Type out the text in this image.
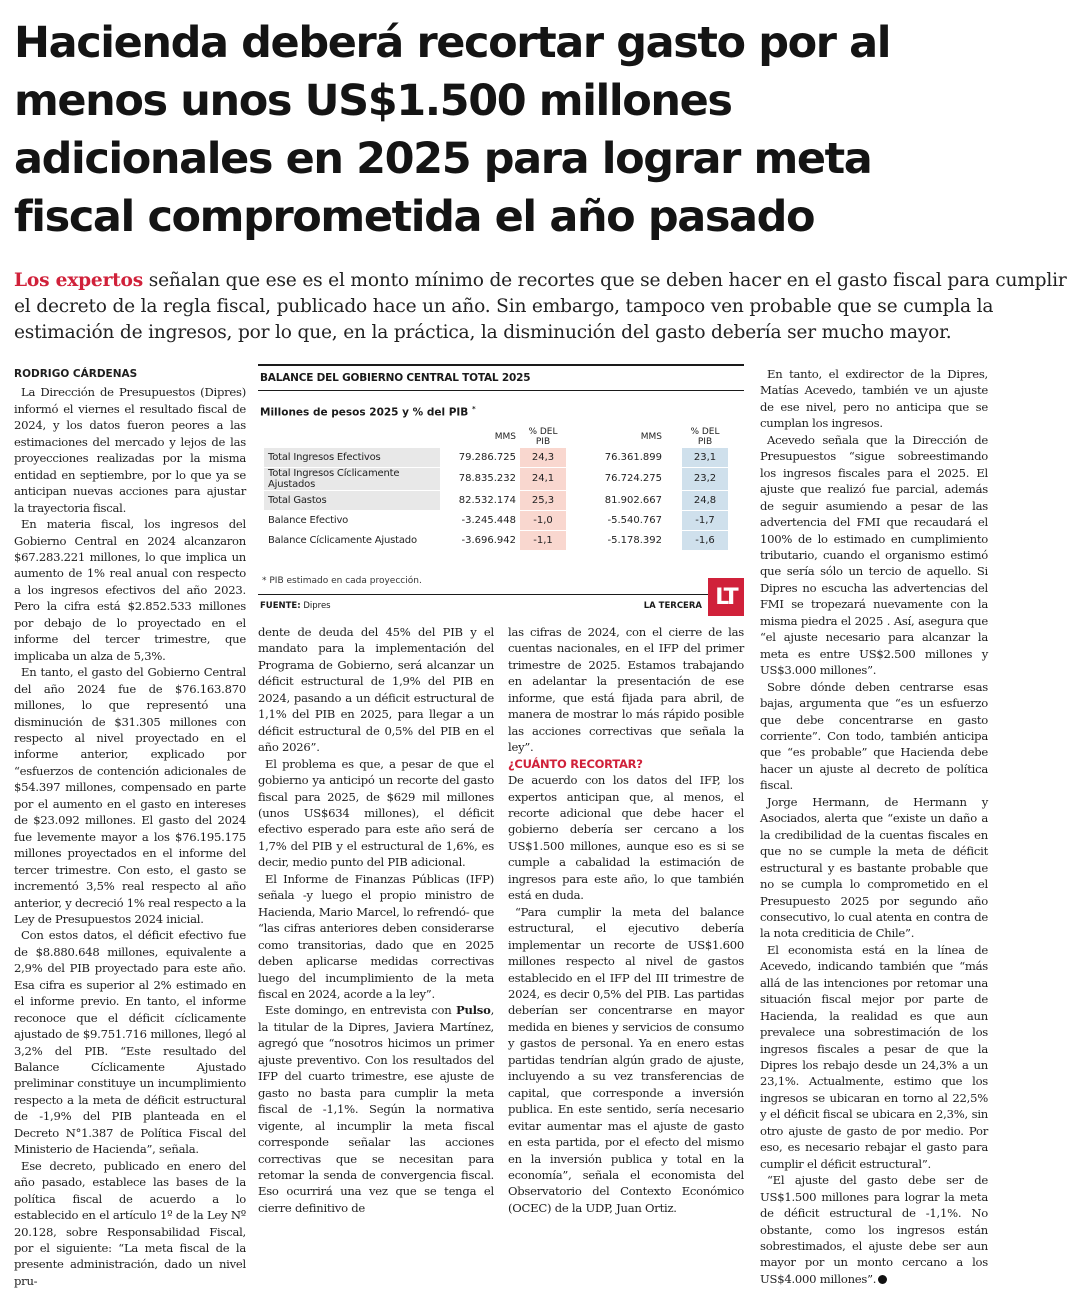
Hacienda deberá recortar gasto por al
menos unos US$1.500 millones
adicionales en 2025 para lograr meta
fiscal comprometida el año pasado
Los expertos señalan que ese es el monto mínimo de recortes que se deben hacer en el gasto fiscal para cumplir
el decreto de la regla fiscal, publicado hace un año. Sin embargo, tampoco ven probable que se cumpla la
estimación de ingresos, por lo que, en la práctica, la disminución del gasto debería ser mucho mayor.

RODRIGO CÁRDENAS

La Dirección de Presupuestos (Dipres) informó el viernes el resultado fiscal de 2024, y los datos fueron peores a las estimaciones del mercado y lejos de las proyecciones realizadas por la misma entidad en septiembre, por lo que ya se anticipan nuevas acciones para ajustar la trayectoria fiscal.

En materia fiscal, los ingresos del Gobierno Central en 2024 alcanzaron $67.283.221 millones, lo que implica un aumento de 1% real anual con respecto a los ingresos efectivos del año 2023. Pero la cifra está $2.852.533 millones por debajo de lo proyectado en el informe del tercer trimestre, que implicaba un alza de 5,3%.

En tanto, el gasto del Gobierno Central del año 2024 fue de $76.163.870 millones, lo que representó una disminución de $31.305 millones con respecto al nivel proyectado en el informe anterior, explicado por “esfuerzos de contención adicionales de $54.397 millones, compensado en parte por el aumento en el gasto en intereses de $23.092 millones. El gasto del 2024 fue levemente mayor a los $76.195.175 millones proyectados en el informe del tercer trimestre. Con esto, el gasto se incrementó 3,5% real respecto al año anterior, y decreció 1% real respecto a la Ley de Presupuestos 2024 inicial.

Con estos datos, el déficit efectivo fue de $8.880.648 millones, equivalente a 2,9% del PIB proyectado para este año. Esa cifra es superior al 2% estimado en el informe previo. En tanto, el informe reconoce que el déficit cíclicamente ajustado de $9.751.716 millones, llegó al 3,2% del PIB. “Este resultado del Balance Cíclicamente Ajustado preliminar constituye un incumplimiento respecto a la meta de déficit estructural de -1,9% del PIB planteada en el Decreto N°1.387 de Política Fiscal del Ministerio de Hacienda”, señala.

Ese decreto, publicado en enero del año pasado, establece las bases de la política fiscal de acuerdo a lo establecido en el artículo 1º de la Ley Nº 20.128, sobre Responsabilidad Fiscal, por el siguiente: “La meta fiscal de la presente administración, dado un nivel pru-

BALANCE DEL GOBIERNO CENTRAL TOTAL 2025
Millones de pesos 2025 y % del PIB *
	MMS	% DEL PIB	MMS		% DEL PIB
Total Ingresos Efectivos	79.286.725	24,3	76.361.899		23,1
Total Ingresos Cíclicamente Ajustados	78.835.232	24,1	76.724.275		23,2
Total Gastos	82.532.174	25,3	81.902.667		24,8
Balance Efectivo	-3.245.448	-1,0	-5.540.767		-1,7
Balance Cíclicamente Ajustado	-3.696.942	-1,1	-5.178.392		-1,6
* PIB estimado en cada proyección.
FUENTE: Dipres	LA TERCERA LT

dente de deuda del 45% del PIB y el mandato para la implementación del Programa de Gobierno, será alcanzar un déficit estructural de 1,9% del PIB en 2024, pasando a un déficit estructural de 1,1% del PIB en 2025, para llegar a un déficit estructural de 0,5% del PIB en el año 2026”.

El problema es que, a pesar de que el gobierno ya anticipó un recorte del gasto fiscal para 2025, de $629 mil millones (unos US$634 millones), el déficit efectivo esperado para este año será de 1,7% del PIB y el estructural de 1,6%, es decir, medio punto del PIB adicional.

El Informe de Finanzas Públicas (IFP) señala -y luego el propio ministro de Hacienda, Mario Marcel, lo refrendó- que “las cifras anteriores deben considerarse como transitorias, dado que en 2025 deben aplicarse medidas correctivas luego del incumplimiento de la meta fiscal en 2024, acorde a la ley”.

Este domingo, en entrevista con Pulso, la titular de la Dipres, Javiera Martínez, agregó que “nosotros hicimos un primer ajuste preventivo. Con los resultados del IFP del cuarto trimestre, ese ajuste de gasto no basta para cumplir la meta fiscal de -1,1%. Según la normativa vigente, al incumplir la meta fiscal corresponde señalar las acciones correctivas que se necesitan para retomar la senda de convergencia fiscal. Eso ocurrirá una vez que se tenga el cierre definitivo de

las cifras de 2024, con el cierre de las cuentas nacionales, en el IFP del primer trimestre de 2025. Estamos trabajando en adelantar la presentación de ese informe, que está fijada para abril, de manera de mostrar lo más rápido posible las acciones correctivas que señala la ley”.

¿CUÁNTO RECORTAR?

De acuerdo con los datos del IFP, los expertos anticipan que, al menos, el recorte adicional que debe hacer el gobierno debería ser cercano a los US$1.500 millones, aunque eso es si se cumple a cabalidad la estimación de ingresos para este año, lo que también está en duda.

“Para cumplir la meta del balance estructural, el ejecutivo debería implementar un recorte de US$1.600 millones respecto al nivel de gastos establecido en el IFP del III trimestre de 2024, es decir 0,5% del PIB. Las partidas deberían ser concentrarse en mayor medida en bienes y servicios de consumo y gastos de personal. Ya en enero estas partidas tendrían algún grado de ajuste, incluyendo a su vez transferencias de capital, que corresponde a inversión publica. En este sentido, sería necesario evitar aumentar mas el ajuste de gasto en esta partida, por el efecto del mismo en la inversión publica y total en la economía”, señala el economista del Observatorio del Contexto Económico (OCEC) de la UDP, Juan Ortiz.

En tanto, el exdirector de la Dipres, Matías Acevedo, también ve un ajuste de ese nivel, pero no anticipa que se cumplan los ingresos.

Acevedo señala que la Dirección de Presupuestos “sigue sobreestimando los ingresos fiscales para el 2025. El ajuste que realizó fue parcial, además de seguir asumiendo a pesar de las advertencia del FMI que recaudará el 100% de lo estimado en cumplimiento tributario, cuando el organismo estimó que sería sólo un tercio de aquello. Si Dipres no escucha las advertencias del FMI se tropezará nuevamente con la misma piedra el 2025 . Así, asegura que “el ajuste necesario para alcanzar la meta es entre US$2.500 millones y US$3.000 millones”.

Sobre dónde deben centrarse esas bajas, argumenta que “es un esfuerzo que debe concentrarse en gasto corriente”. Con todo, también anticipa que “es probable” que Hacienda debe hacer un ajuste al decreto de política fiscal.

Jorge Hermann, de Hermann y Asociados, alerta que “existe un daño a la credibilidad de la cuentas fiscales en que no se cumple la meta de déficit estructural y es bastante probable que no se cumpla lo comprometido en el Presupuesto 2025 por segundo año consecutivo, lo cual atenta en contra de la nota crediticia de Chile”.

El economista está en la línea de Acevedo, indicando también que “más allá de las intenciones por retomar una situación fiscal mejor por parte de Hacienda, la realidad es que aun prevalece una sobrestimación de los ingresos fiscales a pesar de que la Dipres los rebajo desde un 24,3% a un 23,1%. Actualmente, estimo que los ingresos se ubicaran en torno al 22,5% y el déficit fiscal se ubicara en 2,3%, sin otro ajuste de gasto de por medio. Por eso, es necesario rebajar el gasto para cumplir el déficit estructural”.

“El ajuste del gasto debe ser de US$1.500 millones para lograr la meta de déficit estructural de -1,1%. No obstante, como los ingresos están sobrestimados, el ajuste debe ser aun mayor por un monto cercano a los US$4.000 millones”.
